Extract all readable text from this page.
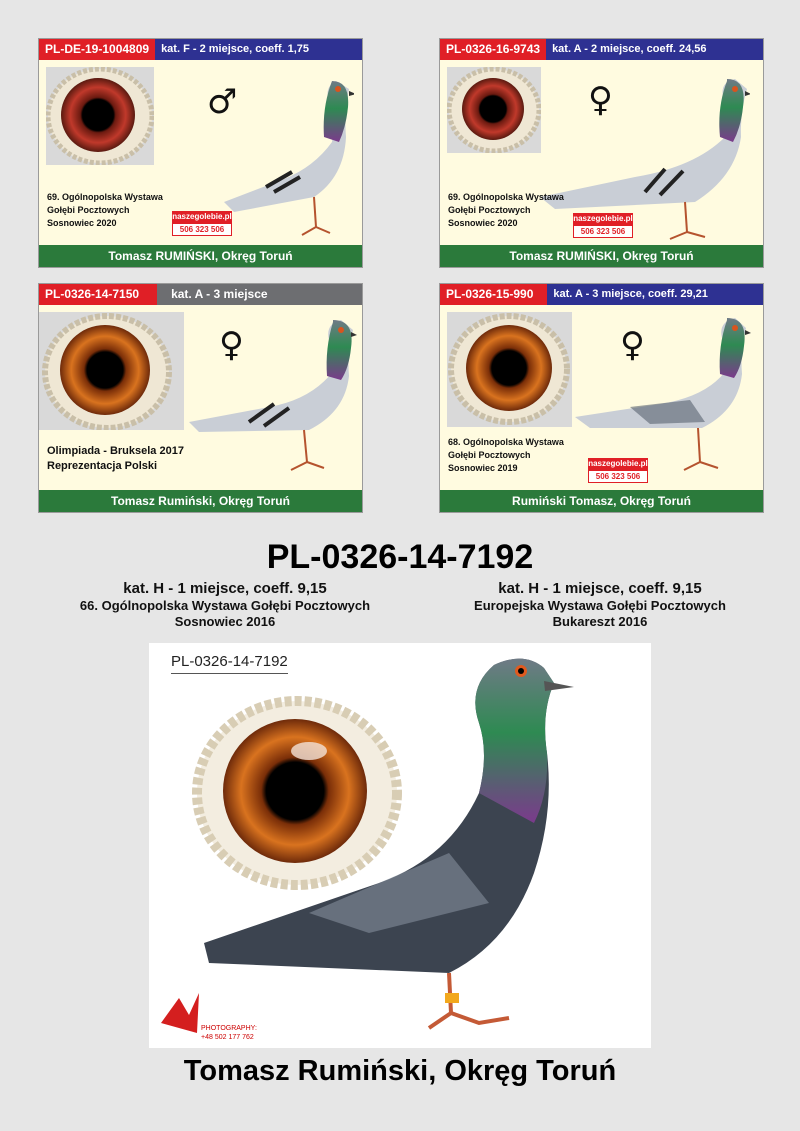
PL-DE-19-1004809	kat. F - 2 miejsce, coeff. 1,75
♂
69. Ogólnopolska Wystawa
Gołębi Pocztowych
Sosnowiec 2020
naszegolebie.pl
506 323 506
Tomasz RUMIŃSKI, Okręg Toruń
PL-0326-16-9743	kat. A - 2 miejsce, coeff. 24,56
♀
69. Ogólnopolska Wystawa
Gołębi Pocztowych
Sosnowiec 2020	naszegolebie.pl
506 323 506
Tomasz RUMIŃSKI, Okręg Toruń
PL-0326-14-7150	kat. A - 3 miejsce
♀
Olimpiada - Bruksela 2017
Reprezentacja Polski
Tomasz Rumiński, Okręg Toruń
PL-0326-15-990	kat. A - 3 miejsce, coeff. 29,21
♀
68. Ogólnopolska Wystawa
Gołębi Pocztowych
Sosnowiec 2019	naszegolebie.pl
506 323 506
Rumiński Tomasz, Okręg Toruń
PL-0326-14-7192
kat. H - 1 miejsce, coeff. 9,15
66. Ogólnopolska Wystawa Gołębi Pocztowych
Sosnowiec 2016
kat. H - 1 miejsce, coeff. 9,15
Europejska Wystawa Gołębi Pocztowych
Bukareszt 2016
PL-0326-14-7192
PHOTOGRAPHY:
+48 502 177 762
Tomasz Rumiński, Okręg Toruń
